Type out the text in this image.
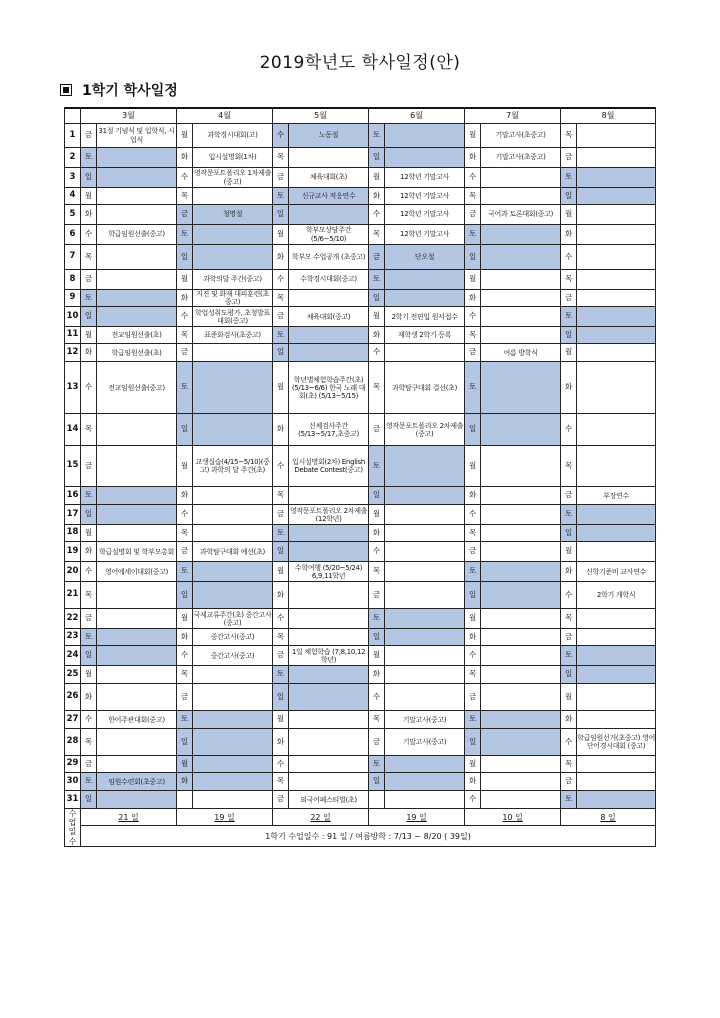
2019학년도 학사일정(안)
1학기 학사일정
	3월		4월		5월		6월		7월		8월	
1	금	31절 기념식 및 입학식, 시업식	월	과학경시대회(고)	수	노동절	토		월	기말고사(초중고)	목	
2	토		화	입시설명회(1차)	목		일		화	기말고사(초중고)	금	
3	일		수	영작문포트폴리오 1차제출(중고)	금	체육대회(초)	월	12학년 기말고사	수		토	
4	월		목		토	신규교사 적응연수	화	12학년 기말고사	목		일	
5	화		금	청명절	일		수	12학년 기말고사	금	국어과 토론대회(중고)	월	
6	수	학급임원선출(중고)	토		월	학부모상담주간 (5/6~5/10)	목	12학년 기말고사	토		화	
7	목		일		화	학부모 수업공개 (초중고)	금	단오절	일		수	
8	금		월	과학의달 주간(중고)	수	수학경시대회(중고)	토		월		목	
9	토		화	지진 및 화재 대피훈련(초중고)	목		일		화		금	
10	일		수	학업성취도평가, 초청발표대회(중고)	금	체육대회(중고)	월	2학기 전편입 원서접수	수		토	
11	월	전교임원선출(초)	목	표준화검사(초중고)	토		화	재학생 2학기 등록	목		일	
12	화	학급임원선출(초)	금		일		수		금	여름 방학식	월	
13	수	전교임원선출(중고)	토		월	학년별체험학습주간(초) (5/13~6/6) 한국 노래 대회(초) (5/13~5/15)	목	과학탐구대회 결선(초)	토		화	
14	목		일		화	신체검사주간 (5/13~5/17,초중고)	금	영작문포트폴리오 2차제출(중고)	일		수	
15	금		월	교생실습(4/15~5/10)(중고) 과학의 달 주간(초)	수	입시설명회(2차) English Debate Contest(중고)	토		월		목	
16	토		화		목		일		화		금	부장연수
17	일		수		금	영작문포트폴리오 2차제출(12학년)	월		수		토	
18	월		목		토		화		목		일	
19	화	학급설명회 및 학부모총회	금	과학탐구대회 예선(초)	일		수		금		월	
20	수	영어에세이대회(중고)	토		월	수학여행 (5/20~5/24) 6,9,11학년	목		토		화	신학기준비 교사연수
21	목		일		화		금		일		수	2학기 개학식
22	금		월	국제교류주간(초) 중간고사(중고)	수		토		월		목	
23	토		화	중간고사(중고)	목		일		화		금	
24	일		수	중간고사(중고)	금	1일 체험학습 (7,8,10,12학년)	월		수		토	
25	월		목		토		화		목		일	
26	화		금		일		수		금		월	
27	수	한어주관대회(중고)	토		월		목	기말고사(중고)	토		화	
28	목		일		화		금	기말고사(중고)	일		수	학급임원선거(초중고) 영어단어경시대회 (중고)
29	금		월		수		토		월		목	
30	토	임원수련회(초중고)	화		목		일		화		금	
31	일				금	외국어페스티벌(초)			수		토	
수업일수	21 일		19 일		22 일		19 일		10 일		8 일	
	1학기 수업일수 : 91 일 / 여름방학 : 7/13 ~ 8/20 ( 39일)											
